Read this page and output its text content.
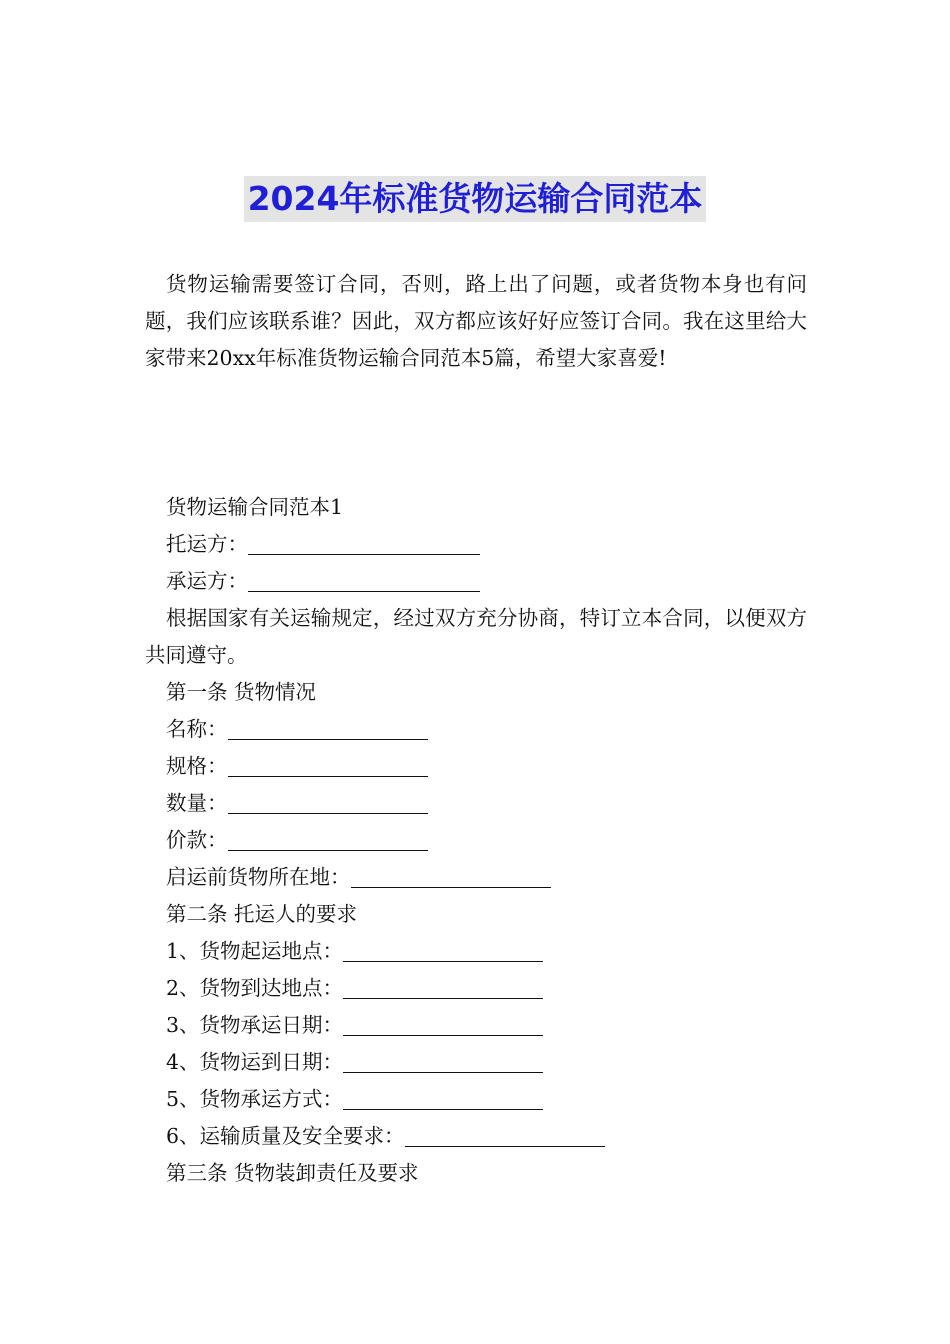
2024年标准货物运输合同范本

货物运输需要签订合同，否则，路上出了问题，或者货物本身也有问题，我们应该联系谁？因此，双方都应该好好应签订合同。我在这里给大家带来20xx年标准货物运输合同范本5篇，希望大家喜爱!

货物运输合同范本1
托运方：
承运方：

根据国家有关运输规定，经过双方充分协商，特订立本合同，以便双方共同遵守。

第一条 货物情况
名称：
规格：
数量：
价款：
启运前货物所在地：
第二条 托运人的要求
1、货物起运地点：
2、货物到达地点：
3、货物承运日期：
4、货物运到日期：
5、货物承运方式：
6、运输质量及安全要求：
第三条 货物装卸责任及要求
